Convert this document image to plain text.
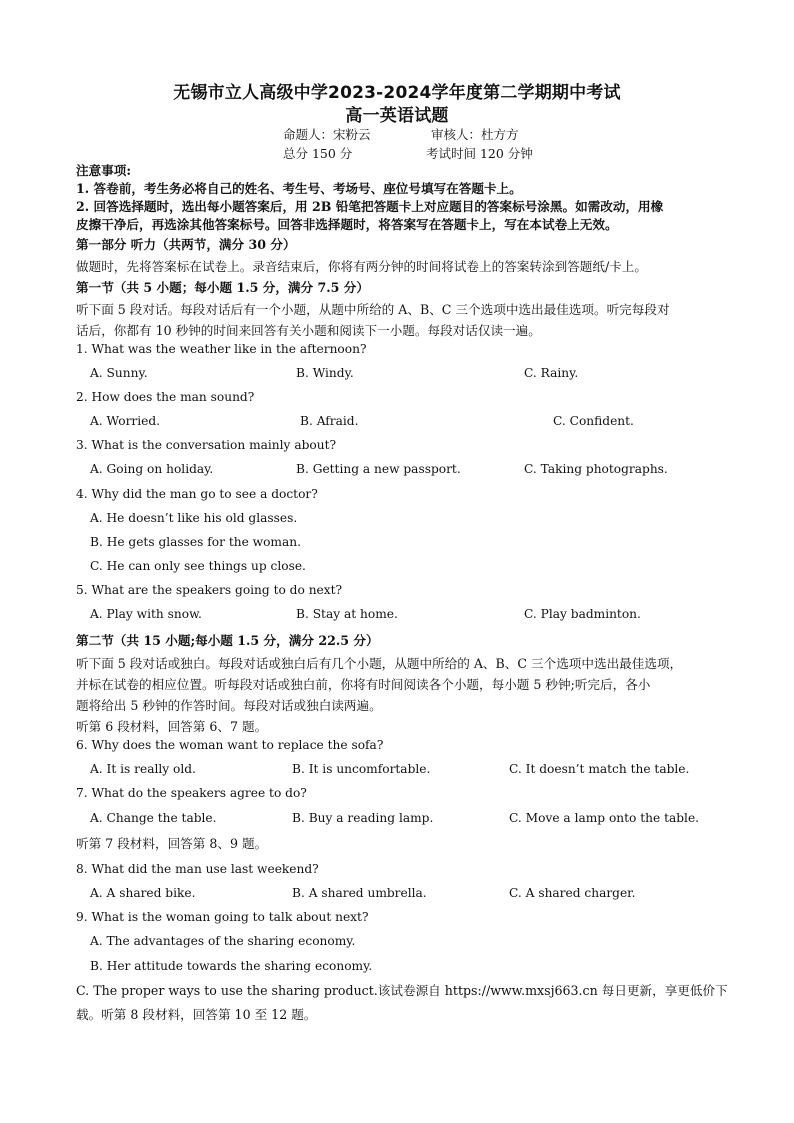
无锡市立人高级中学2023-2024学年度第二学期期中考试
高一英语试题
命题人：宋粉云	审核人：杜方方
总分 150 分	考试时间 120 分钟
注意事项:
1. 答卷前，考生务必将自己的姓名、考生号、考场号、座位号填写在答题卡上。
2. 回答选择题时，选出每小题答案后，用 2B 铅笔把答题卡上对应题目的答案标号涂黑。如需改动，用橡
皮擦干净后，再选涂其他答案标号。回答非选择题时，将答案写在答题卡上，写在本试卷上无效。
第一部分 听力（共两节，满分 30 分）
做题时，先将答案标在试卷上。录音结束后，你将有两分钟的时间将试卷上的答案转涂到答题纸/卡上。
第一节（共 5 小题；每小题 1.5 分，满分 7.5 分）
听下面 5 段对话。每段对话后有一个小题，从题中所给的 A、B、C 三个选项中选出最佳选项。听完每段对
话后，你都有 10 秒钟的时间来回答有关小题和阅读下一小题。每段对话仅读一遍。
1. What was the weather like in the afternoon?
A. Sunny.	B. Windy.	C. Rainy.
2. How does the man sound?
A. Worried.	B. Afraid.	C. Confident.
3. What is the conversation mainly about?
A. Going on holiday.	B. Getting a new passport.	C. Taking photographs.
4. Why did the man go to see a doctor?
A. He doesn’t like his old glasses.
B. He gets glasses for the woman.
C. He can only see things up close.
5. What are the speakers going to do next?
A. Play with snow.	B. Stay at home.	C. Play badminton.
第二节（共 15 小题;每小题 1.5 分，满分 22.5 分）
听下面 5 段对话或独白。每段对话或独白后有几个小题，从题中所给的 A、B、C 三个选项中选出最佳选项，
并标在试卷的相应位置。听每段对话或独白前，你将有时间阅读各个小题，每小题 5 秒钟;听完后，各小
题将给出 5 秒钟的作答时间。每段对话或独白读两遍。
听第 6 段材料，回答第 6、7 题。
6. Why does the woman want to replace the sofa?
A. It is really old.	B. It is uncomfortable.	C. It doesn’t match the table.
7. What do the speakers agree to do?
A. Change the table.	B. Buy a reading lamp.	C. Move a lamp onto the table.
听第 7 段材料，回答第 8、9 题。
8. What did the man use last weekend?
A. A shared bike.	B. A shared umbrella.	C. A shared charger.
9. What is the woman going to talk about next?
A. The advantages of the sharing economy.
B. Her attitude towards the sharing economy.
C. The proper ways to use the sharing product.该试卷源自 https://www.mxsj663.cn 每日更新，享更低价下
载。听第 8 段材料，回答第 10 至 12 题。
